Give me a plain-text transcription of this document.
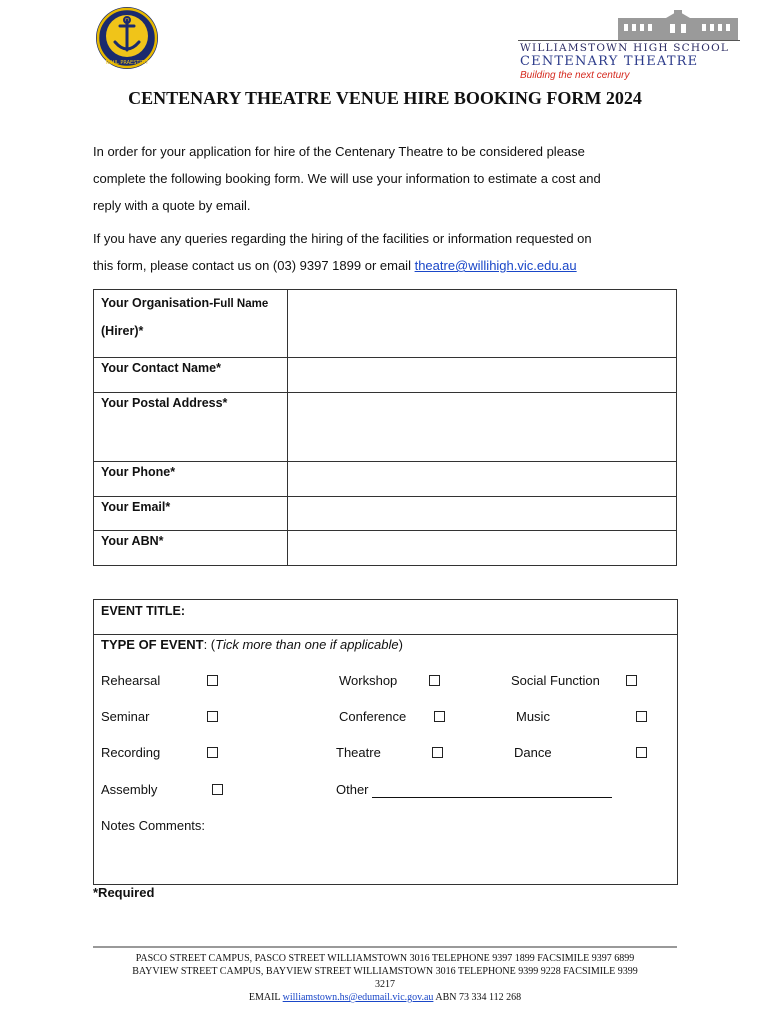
NIHIL PRAESTITIT
WILLIAMSTOWN HIGH SCHOOL
CENTENARY THEATRE
Building the next century
CENTENARY THEATRE VENUE HIRE BOOKING FORM 2024

In order for your application for hire of the Centenary Theatre to be considered please

complete the following booking form. We will use your information to estimate a cost and

reply with a quote by email.

If you have any queries regarding the hiring of the facilities or information requested on

this form, please contact us on (03) 9397 1899 or email theatre@willihigh.vic.edu.au

Your Organisation-Full Name
(Hirer)*	

Your Contact Name*	
Your Postal Address*	
Your Phone*	
Your Email*	
Your ABN*	
EVENT TITLE:
TYPE OF EVENT: (Tick more than one if applicable)
Rehearsal	Workshop	Social Function
Seminar	Conference	Music
Recording	Theatre	Dance
Assembly	Other
Notes Comments:
*Required

PASCO STREET CAMPUS, PASCO STREET WILLIAMSTOWN 3016 TELEPHONE 9397 1899 FACSIMILE 9397 6899

BAYVIEW STREET CAMPUS, BAYVIEW STREET WILLIAMSTOWN 3016 TELEPHONE 9399 9228 FACSIMILE 9399

3217

EMAIL williamstown.hs@edumail.vic.gov.au ABN 73 334 112 268
